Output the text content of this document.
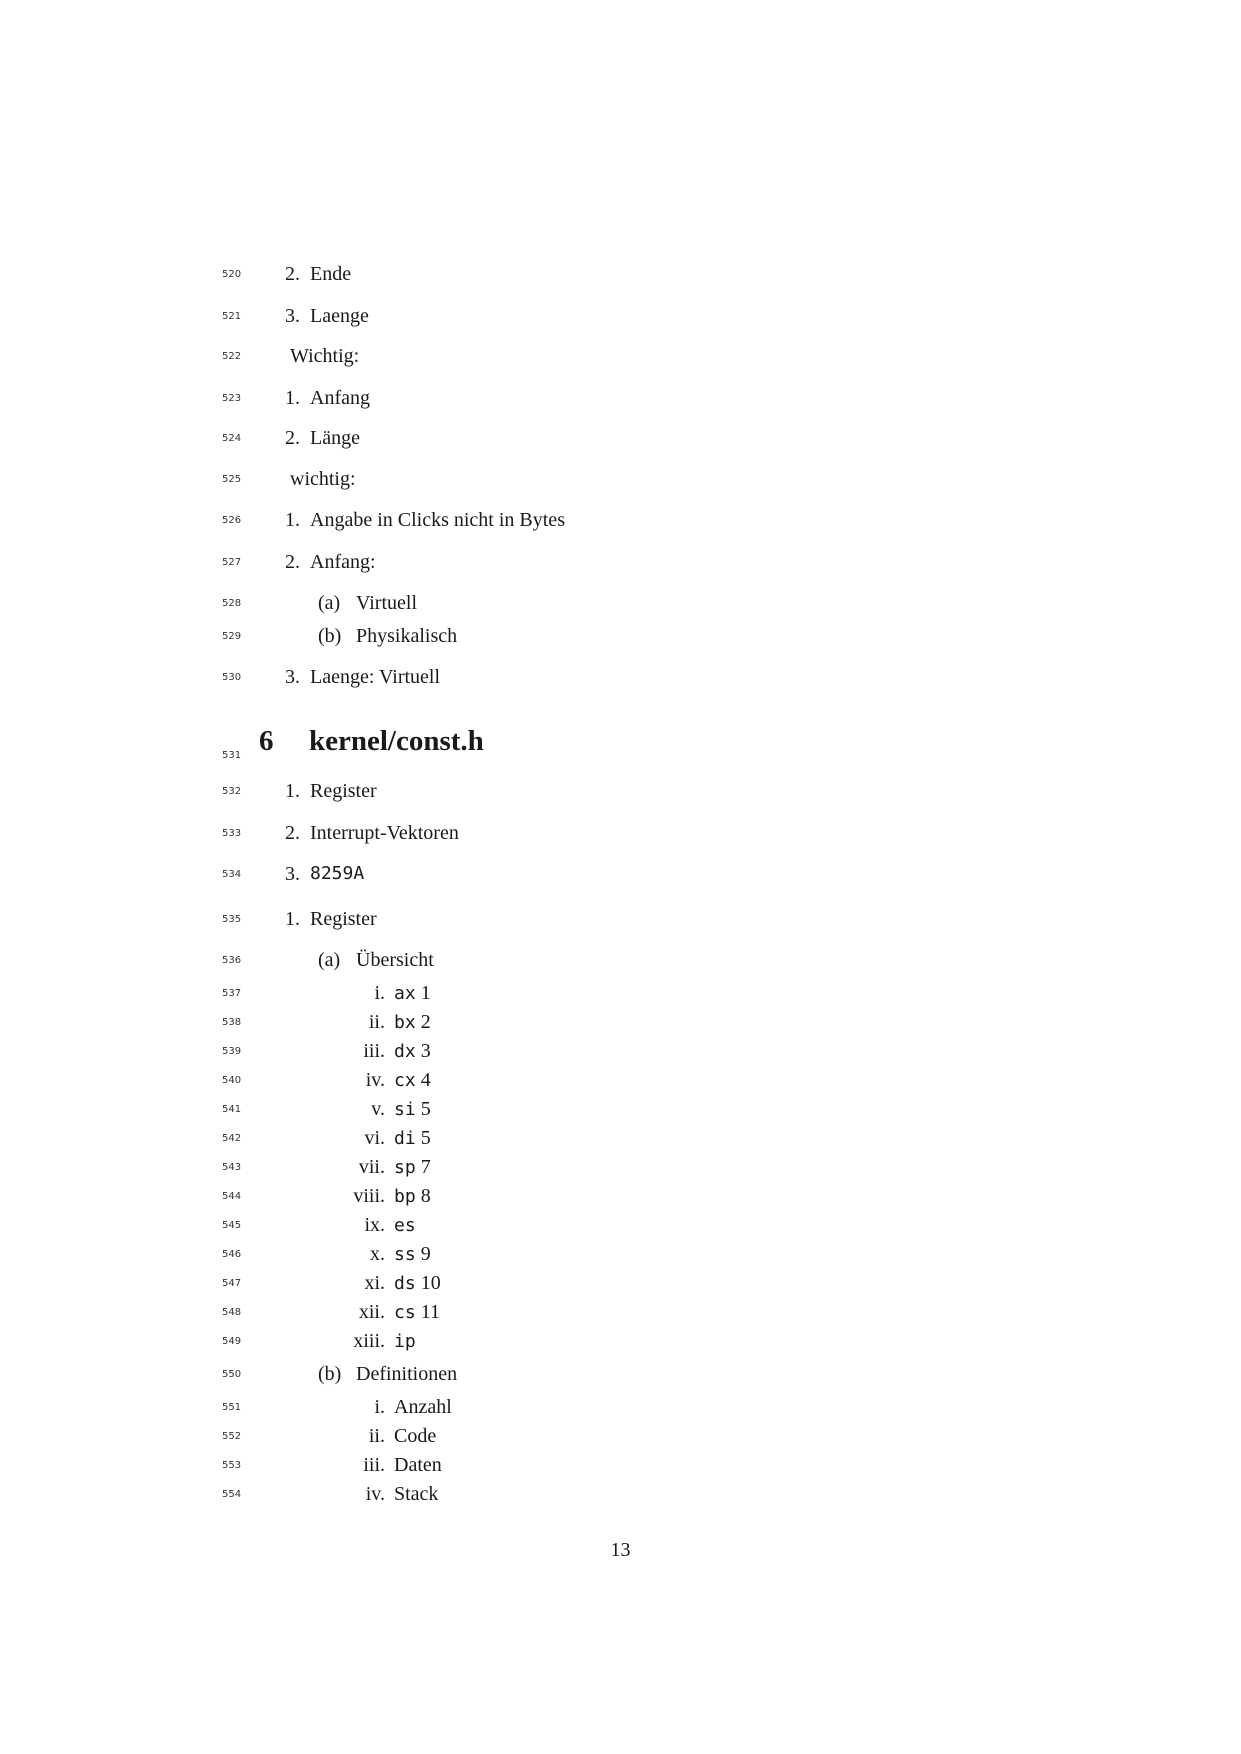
520	2. Ende
521	3. Laenge
522	Wichtig:
523	1. Anfang
524	2. Länge
525	wichtig:
526	1. Angabe in Clicks nicht in Bytes
527	2. Anfang:
528	(a) Virtuell
529	(b) Physikalisch
530	3. Laenge: Virtuell
532	1. Register
533	2. Interrupt-Vektoren
534	3. 8259A
535	1. Register
536	(a) Übersicht
537	i. ax 1
538	ii. bx 2
539	iii. dx 3
540	iv. cx 4
541	v. si 5
542	vi. di 5
543	vii. sp 7
544	viii. bp 8
545	ix. es
546	x. ss 9
547	xi. ds 10
548	xii. cs 11
549	xiii. ip
550	(b) Definitionen
551	i. Anzahl
552	ii. Code
553	iii. Daten
554	iv. Stack
531 6 kernel/const.h
13
